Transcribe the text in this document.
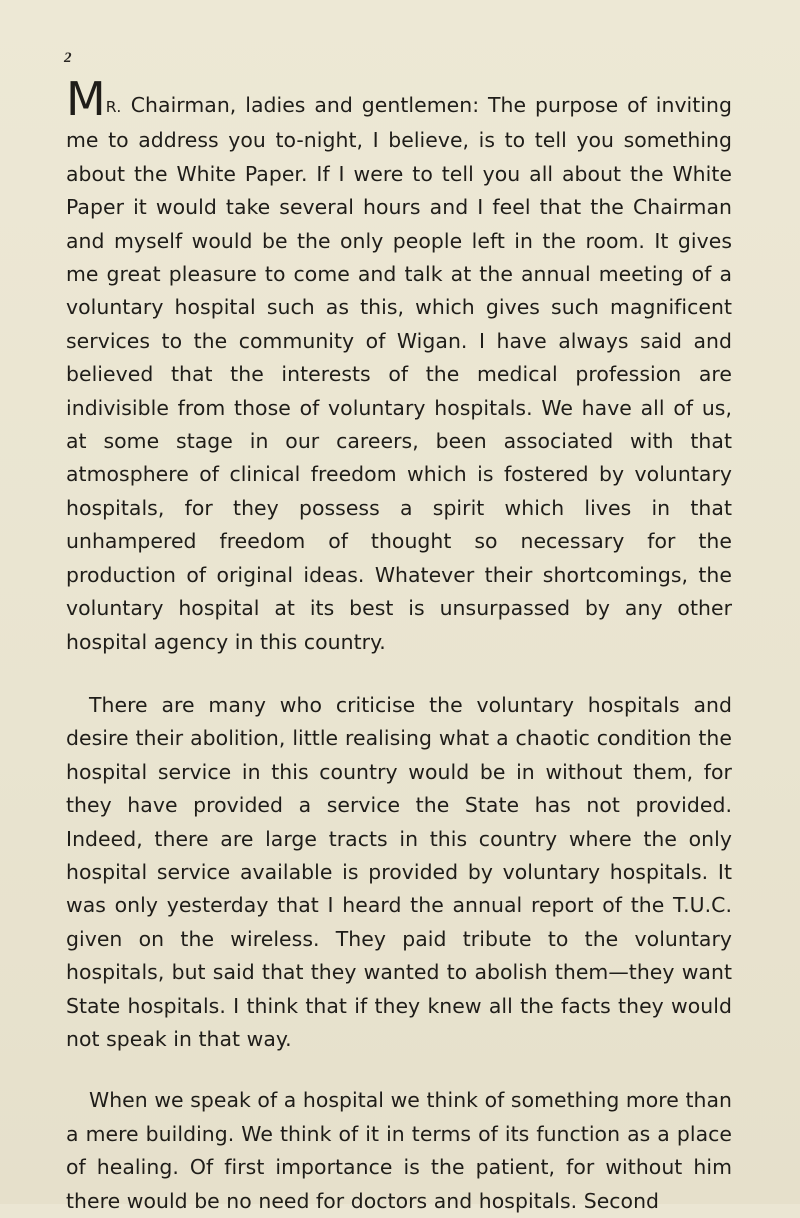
2

MR. Chairman, ladies and gentlemen: The purpose of inviting me to address you to-night, I believe, is to tell you something about the White Paper. If I were to tell you all about the White Paper it would take several hours and I feel that the Chairman and myself would be the only people left in the room. It gives me great pleasure to come and talk at the annual meeting of a voluntary hospital such as this, which gives such magnificent services to the community of Wigan. I have always said and believed that the interests of the medical profession are indivisible from those of voluntary hospitals. We have all of us, at some stage in our careers, been associated with that atmosphere of clinical freedom which is fostered by voluntary hospitals, for they possess a spirit which lives in that unhampered freedom of thought so necessary for the production of original ideas. Whatever their shortcomings, the voluntary hospital at its best is unsurpassed by any other hospital agency in this country.

There are many who criticise the voluntary hospitals and desire their abolition, little realising what a chaotic condition the hospital service in this country would be in without them, for they have provided a service the State has not provided. Indeed, there are large tracts in this country where the only hospital service available is provided by voluntary hospitals. It was only yesterday that I heard the annual report of the T.U.C. given on the wireless. They paid tribute to the voluntary hospitals, but said that they wanted to abolish them—they want State hospitals. I think that if they knew all the facts they would not speak in that way.

When we speak of a hospital we think of something more than a mere building. We think of it in terms of its function as a place of healing. Of first importance is the patient, for without him there would be no need for doctors and hospitals. Second
